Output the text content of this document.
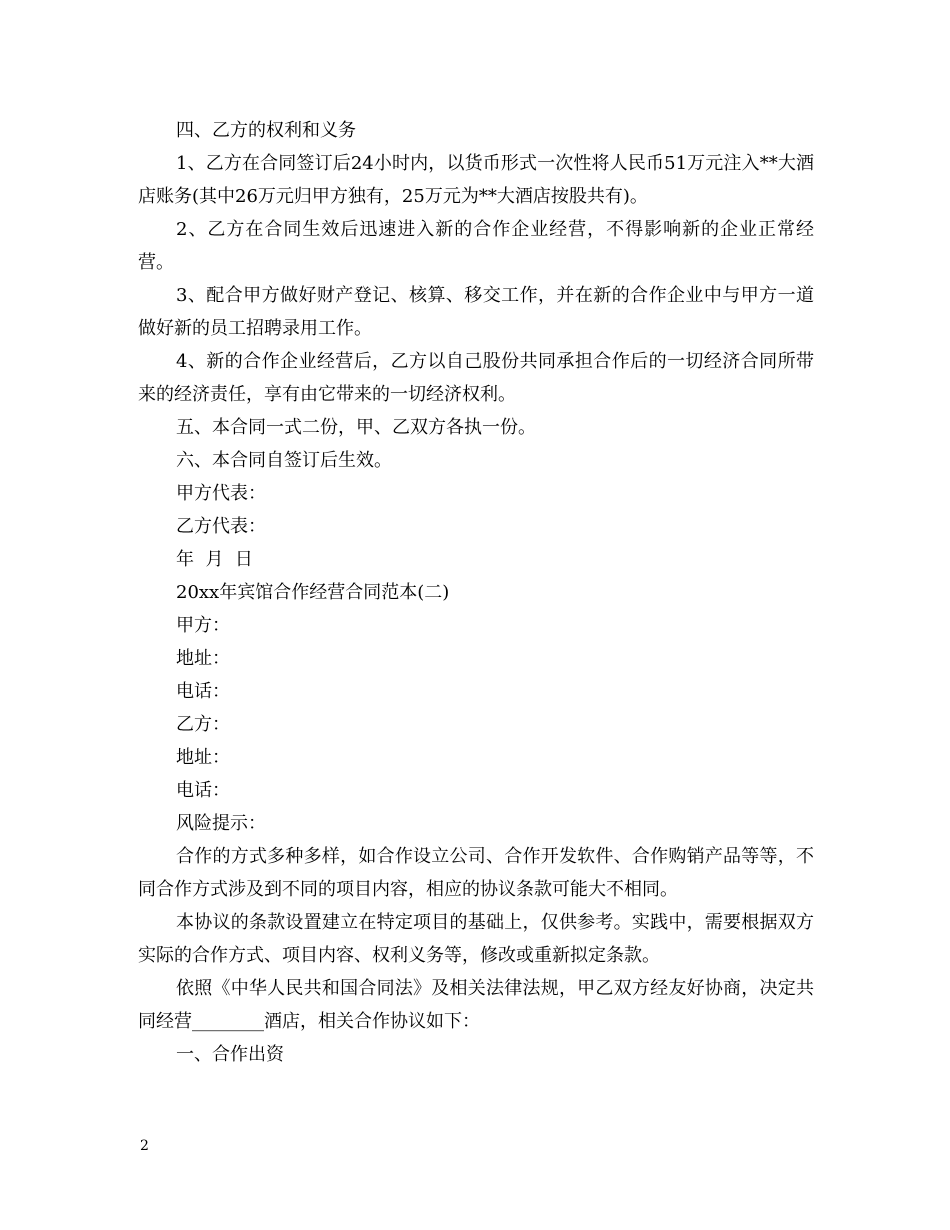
四、乙方的权利和义务

1、乙方在合同签订后24小时内，以货币形式一次性将人民币51万元注入**大酒店账务(其中26万元归甲方独有，25万元为**大酒店按股共有)。

2、乙方在合同生效后迅速进入新的合作企业经营，不得影响新的企业正常经营。

3、配合甲方做好财产登记、核算、移交工作，并在新的合作企业中与甲方一道做好新的员工招聘录用工作。

4、新的合作企业经营后，乙方以自己股份共同承担合作后的一切经济合同所带来的经济责任，享有由它带来的一切经济权利。

五、本合同一式二份，甲、乙双方各执一份。

六、本合同自签订后生效。

甲方代表：

乙方代表：

年  月  日

20xx年宾馆合作经营合同范本(二)

甲方：

地址：

电话：

乙方：

地址：

电话：

风险提示：

合作的方式多种多样，如合作设立公司、合作开发软件、合作购销产品等等，不同合作方式涉及到不同的项目内容，相应的协议条款可能大不相同。

本协议的条款设置建立在特定项目的基础上，仅供参考。实践中，需要根据双方实际的合作方式、项目内容、权利义务等，修改或重新拟定条款。

依照《中华人民共和国合同法》及相关法律法规，甲乙双方经友好协商，决定共同经营________酒店，相关合作协议如下：

一、合作出资

2
